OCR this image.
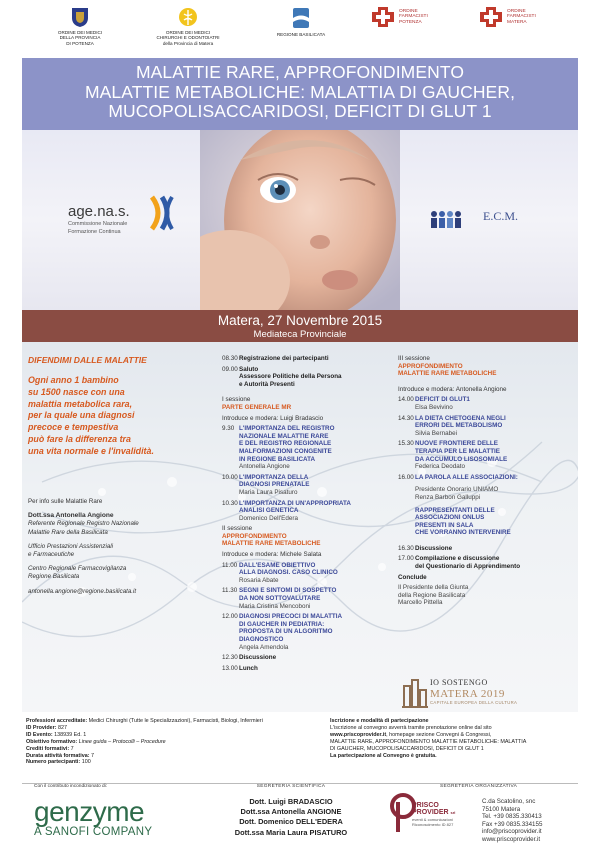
ORDINE DEI MEDICI
DELLA PROVINCIA
DI POTENZA
ORDINE DEI MEDICI
CHIRURGHI E ODONTOIATRI
della Provincia di Matera
REGIONE BASILICATA
ORDINE
FARMACISTI
POTENZA
ORDINE
FARMACISTI
MATERA
MALATTIE RARE, APPROFONDIMENTO
MALATTIE METABOLICHE: MALATTIA DI GAUCHER,
MUCOPOLISACCARIDOSI, DEFICIT DI GLUT 1
age.na.s.
Commissione Nazionale
Formazione Continua
E.C.M.
Matera, 27 Novembre 2015
Mediateca Provinciale
DIFENDIMI DALLE MALATTIE
Ogni anno 1 bambino
su 1500 nasce con una
malattia metabolica rara,
per la quale una diagnosi
precoce e tempestiva
può fare la differenza tra
una vita normale e l'invalidità.
Per info sulle Malattie Rare
Dott.ssa Antonella Angione
Referente Regionale Registro Nazionale
Malattie Rare della Basilicata
Ufficio Prestazioni Assistenziali
e Farmaceutiche
Centro Regionale Farmacovigilanza
Regione Basilicata
antonella.angione@regione.basilicata.it
08.30 Registrazione dei partecipanti
09.00 Saluto
Assessore Politiche della Persona
e Autorità Presenti
I sessione
PARTE GENERALE MR
Introduce e modera: Luigi Bradascio
9.30 L'IMPORTANZA DEL REGISTRO
NAZIONALE MALATTIE RARE
E DEL REGISTRO REGIONALE
MALFORMAZIONI CONGENITE
IN REGIONE BASILICATA
Antonella Angione
10.00 L'IMPORTANZA DELLA
DIAGNOSI PRENATALE
Maria Laura Pisaturo
10.30 L'IMPORTANZA DI UN'APPROPRIATA
ANALISI GENETICA
Domenico Dell'Edera
II sessione
APPROFONDIMENTO
MALATTIE RARE METABOLICHE
Introduce e modera: Michele Salata
11.00 DALL'ESAME OBIETTIVO
ALLA DIAGNOSI. CASO CLINICO
Rosaria Abate
11.30 SEGNI E SINTOMI DI SOSPETTO
DA NON SOTTOVALUTARE
Maria Cristina Mencoboni
12.00 DIAGNOSI PRECOCI DI MALATTIA
DI GAUCHER IN PEDIATRIA:
PROPOSTA DI UN ALGORITMO
DIAGNOSTICO
Angela Amendola
12.30 Discussione
13.00 Lunch
III sessione
APPROFONDIMENTO
MALATTIE RARE METABOLICHE
Introduce e modera: Antonella Angione
14.00 DEFICIT DI GLUT1
Elsa Bevivino
14.30 LA DIETA CHETOGENA NEGLI
ERRORI DEL METABOLISMO
Silvia Bernabei
15.30 NUOVE FRONTIERE DELLE
TERAPIA PER LE MALATTIE
DA ACCUMULO LISOSOMIALE
Federica Deodato
16.00 LA PAROLA ALLE ASSOCIAZIONI:
Presidente Onorario UNIAMO
Renza Barbon Galluppi
RAPPRESENTANTI DELLE
ASSOCIAZIONI ONLUS
PRESENTI IN SALA
CHE VORRANNO INTERVENIRE
16.30 Discussione
17.00 Compilazione e discussione
del Questionario di Apprendimento
Conclude
Il Presidente della Giunta
della Regione Basilicata
Marcello Pittella
IO SOSTENGO
MATERA 2019
CAPITALE EUROPEA DELLA CULTURA
Professioni accreditate: Medici Chirurghi (Tutte le Specializzazioni), Farmacisti, Biologi, Infermieri
ID Provider: 827
ID Evento: 138939 Ed. 1
Obiettivo formativo: Linee guida – Protocolli – Procedure
Crediti formativi: 7
Durata attività formativa: 7
Numero partecipanti: 100
Iscrizione e modalità di partecipazione
L'iscrizione al convegno avverrà tramite prenotazione online dal sito
www.priscoprovider.it, homepage sezione Convegni & Congressi,
MALATTIE RARE, APPROFONDIMENTO MALATTIE METABOLICHE: MALATTIA
DI GAUCHER, MUCOPOLISACCARIDOSI, DEFICIT DI GLUT 1
La partecipazione al Convegno è gratuita.
Con il contributo incondizionato di:
genzyme
A SANOFI COMPANY
SEGRETERIA SCIENTIFICA
Dott. Luigi BRADASCIO
Dott.ssa Antonella ANGIONE
Dott. Domenico DELL'EDERA
Dott.ssa Maria Laura PISATURO
SEGRETERIA ORGANIZZATIVA
PRISCO
PROVIDER srl
eventi & comunicazioni
Riconoscimento ID 827
C.da Scatolino, snc
75100 Matera
Tel. +39 0835.330413
Fax +39 0835.334155
info@priscoprovider.it
www.priscoprovider.it
